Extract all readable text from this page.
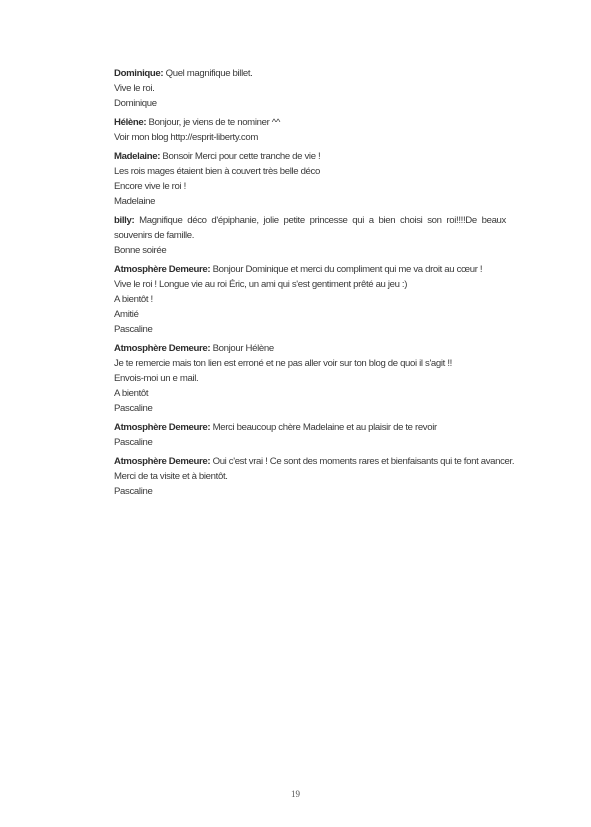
Dominique: Quel magnifique billet.
Vive le roi.
Dominique
Hélène: Bonjour, je viens de te nominer ^^
Voir mon blog http://esprit-liberty.com
Madelaine: Bonsoir Merci pour cette tranche de vie !
Les rois mages étaient bien à couvert très belle déco
Encore vive le roi !
Madelaine
billy: Magnifique déco d'épiphanie, jolie petite princesse qui a bien choisi son roi!!!!De beaux souvenirs de famille.
Bonne soirée
Atmosphère Demeure: Bonjour Dominique et merci du compliment qui me va droit au cœur !
Vive le roi ! Longue vie au roi Éric, un ami qui s'est gentiment prêté au jeu :)
A bientôt !
Amitié
Pascaline
Atmosphère Demeure: Bonjour Hélène
Je te remercie mais ton lien est erroné et ne pas aller voir sur ton blog de quoi il s'agit !!
Envois-moi un e mail.
A bientôt
Pascaline
Atmosphère Demeure: Merci beaucoup chère Madelaine et au plaisir de te revoir
Pascaline
Atmosphère Demeure: Oui c'est vrai ! Ce sont des moments rares et bienfaisants qui te font avancer.
Merci de ta visite et à bientôt.
Pascaline
19
